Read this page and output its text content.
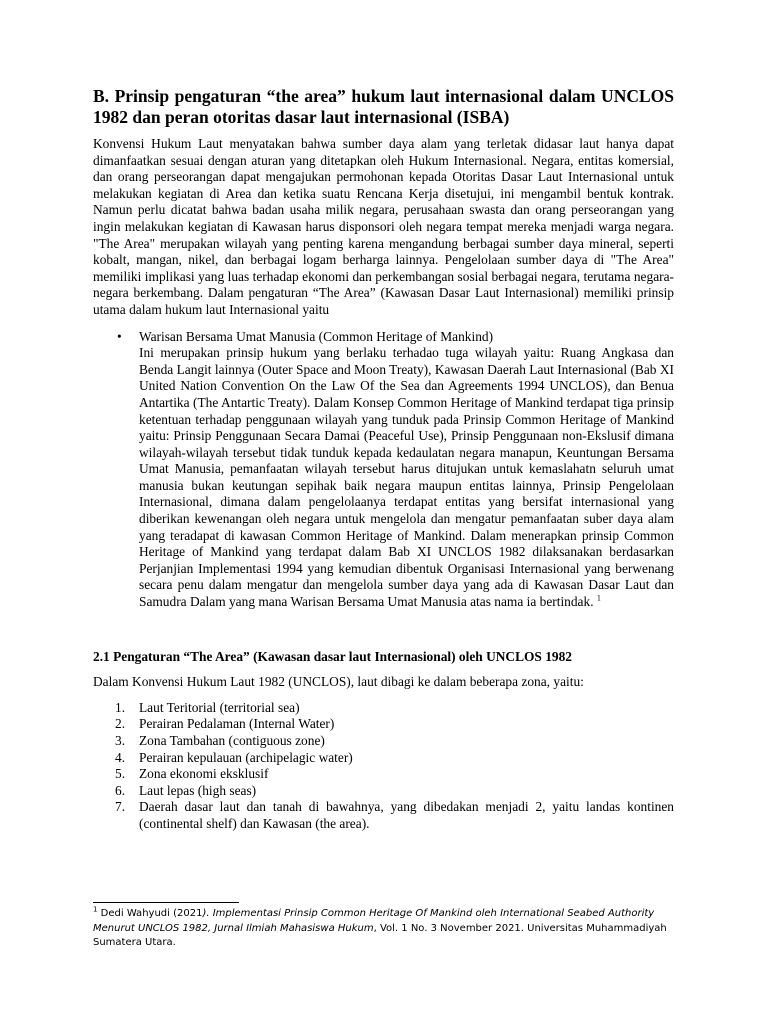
B. Prinsip pengaturan “the area” hukum laut internasional dalam UNCLOS 1982 dan peran otoritas dasar laut internasional (ISBA)

Konvensi Hukum Laut menyatakan bahwa sumber daya alam yang terletak didasar laut hanya dapat dimanfaatkan sesuai dengan aturan yang ditetapkan oleh Hukum Internasional. Negara, entitas komersial, dan orang perseorangan dapat mengajukan permohonan kepada Otoritas Dasar Laut Internasional untuk melakukan kegiatan di Area dan ketika suatu Rencana Kerja disetujui, ini mengambil bentuk kontrak. Namun perlu dicatat bahwa badan usaha milik negara, perusahaan swasta dan orang perseorangan yang ingin melakukan kegiatan di Kawasan harus disponsori oleh negara tempat mereka menjadi warga negara. "The Area" merupakan wilayah yang penting karena mengandung berbagai sumber daya mineral, seperti kobalt, mangan, nikel, dan berbagai logam berharga lainnya. Pengelolaan sumber daya di "The Area" memiliki implikasi yang luas terhadap ekonomi dan perkembangan sosial berbagai negara, terutama negara-negara berkembang. Dalam pengaturan “The Area” (Kawasan Dasar Laut Internasional) memiliki prinsip utama dalam hukum laut Internasional yaitu

• Warisan Bersama Umat Manusia (Common Heritage of Mankind)

Ini merupakan prinsip hukum yang berlaku terhadao tuga wilayah yaitu: Ruang Angkasa dan Benda Langit lainnya (Outer Space and Moon Treaty), Kawasan Daerah Laut Internasional (Bab XI United Nation Convention On the Law Of the Sea dan Agreements 1994 UNCLOS), dan Benua Antartika (The Antartic Treaty). Dalam Konsep Common Heritage of Mankind terdapat tiga prinsip ketentuan terhadap penggunaan wilayah yang tunduk pada Prinsip Common Heritage of Mankind yaitu: Prinsip Penggunaan Secara Damai (Peaceful Use), Prinsip Penggunaan non-Ekslusif dimana wilayah-wilayah tersebut tidak tunduk kepada kedaulatan negara manapun, Keuntungan Bersama Umat Manusia, pemanfaatan wilayah tersebut harus ditujukan untuk kemaslahatn seluruh umat manusia bukan keutungan sepihak baik negara maupun entitas lainnya, Prinsip Pengelolaan Internasional, dimana dalam pengelolaanya terdapat entitas yang bersifat internasional yang diberikan kewenangan oleh negara untuk mengelola dan mengatur pemanfaatan suber daya alam yang teradapat di kawasan Common Heritage of Mankind. Dalam menerapkan prinsip Common Heritage of Mankind yang terdapat dalam Bab XI UNCLOS 1982 dilaksanakan berdasarkan Perjanjian Implementasi 1994 yang kemudian dibentuk Organisasi Internasional yang berwenang secara penu dalam mengatur dan mengelola sumber daya yang ada di Kawasan Dasar Laut dan Samudra Dalam yang mana Warisan Bersama Umat Manusia atas nama ia bertindak. $^1$

2.1 Pengaturan “The Area” (Kawasan dasar laut Internasional) oleh UNCLOS 1982

Dalam Konvensi Hukum Laut 1982 (UNCLOS), laut dibagi ke dalam beberapa zona, yaitu:

1. Laut Teritorial (territorial sea)
2. Perairan Pedalaman (Internal Water)
3. Zona Tambahan (contiguous zone)
4. Perairan kepulauan (archipelagic water)
5. Zona ekonomi eksklusif
6. Laut lepas (high seas)
7. Daerah dasar laut dan tanah di bawahnya, yang dibedakan menjadi 2, yaitu landas kontinen (continental shelf) dan Kawasan (the area).
$^1$ Dedi Wahyudi (2021). Implementasi Prinsip Common Heritage Of Mankind oleh International Seabed Authority Menurut UNCLOS 1982, Jurnal Ilmiah Mahasiswa Hukum, Vol. 1 No. 3 November 2021. Universitas Muhammadiyah Sumatera Utara.
